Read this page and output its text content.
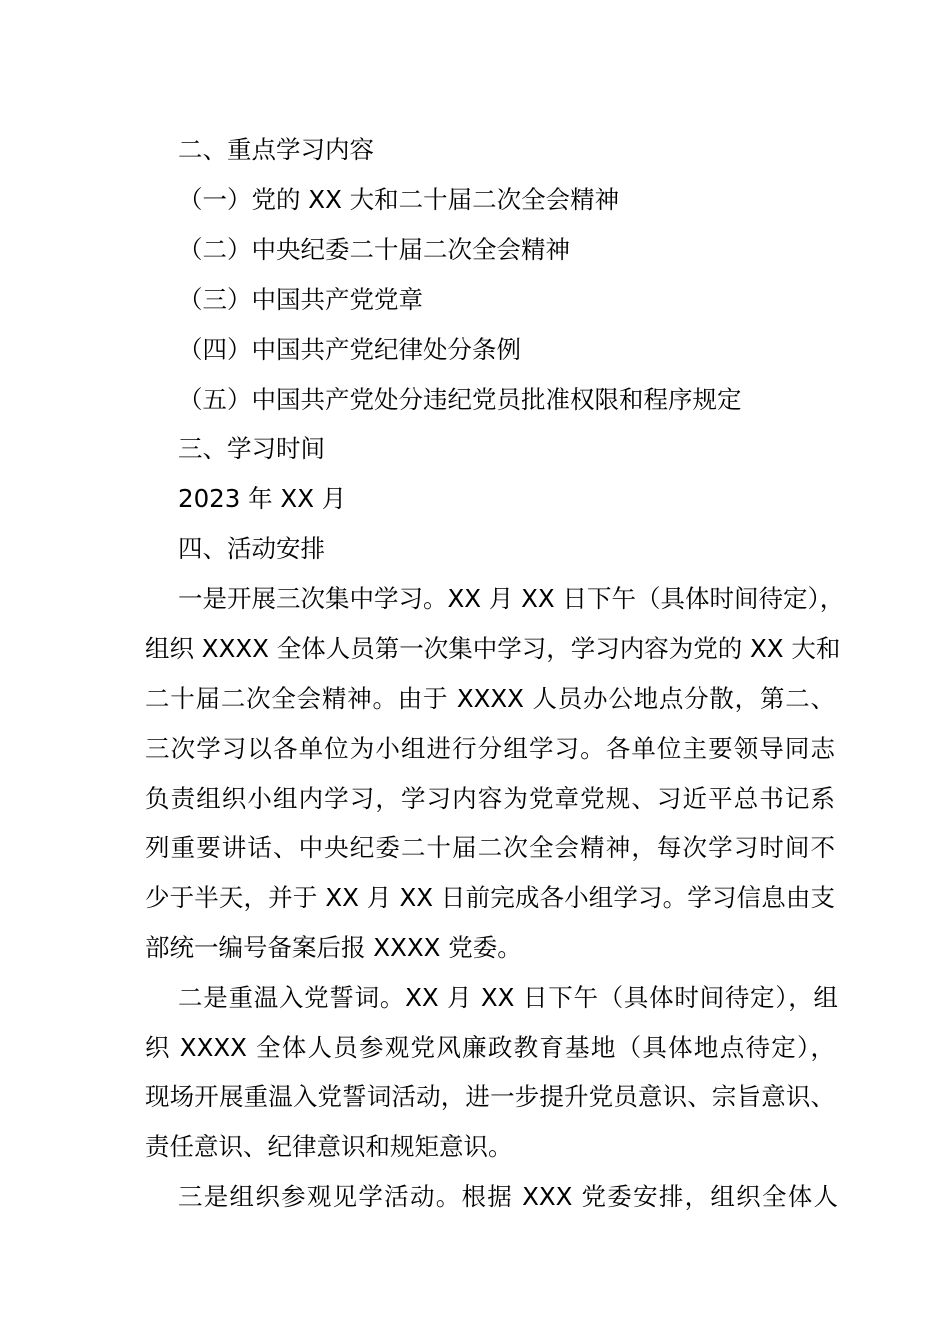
二、重点学习内容
（一）党的 XX 大和二十届二次全会精神
（二）中央纪委二十届二次全会精神
（三）中国共产党党章
（四）中国共产党纪律处分条例
（五）中国共产党处分违纪党员批准权限和程序规定
三、学习时间
2023 年 XX 月
四、活动安排
一是开展三次集中学习。XX 月 XX 日下午（具体时间待定），
组织 XXXX 全体人员第一次集中学习，学习内容为党的 XX 大和
二十届二次全会精神。由于 XXXX 人员办公地点分散，第二、
三次学习以各单位为小组进行分组学习。各单位主要领导同志
负责组织小组内学习，学习内容为党章党规、习近平总书记系
列重要讲话、中央纪委二十届二次全会精神，每次学习时间不
少于半天，并于 XX 月 XX 日前完成各小组学习。学习信息由支
部统一编号备案后报 XXXX 党委。
二是重温入党誓词。XX 月 XX 日下午（具体时间待定），组
织 XXXX 全体人员参观党风廉政教育基地（具体地点待定），
现场开展重温入党誓词活动，进一步提升党员意识、宗旨意识、
责任意识、纪律意识和规矩意识。
三是组织参观见学活动。根据 XXX 党委安排，组织全体人
